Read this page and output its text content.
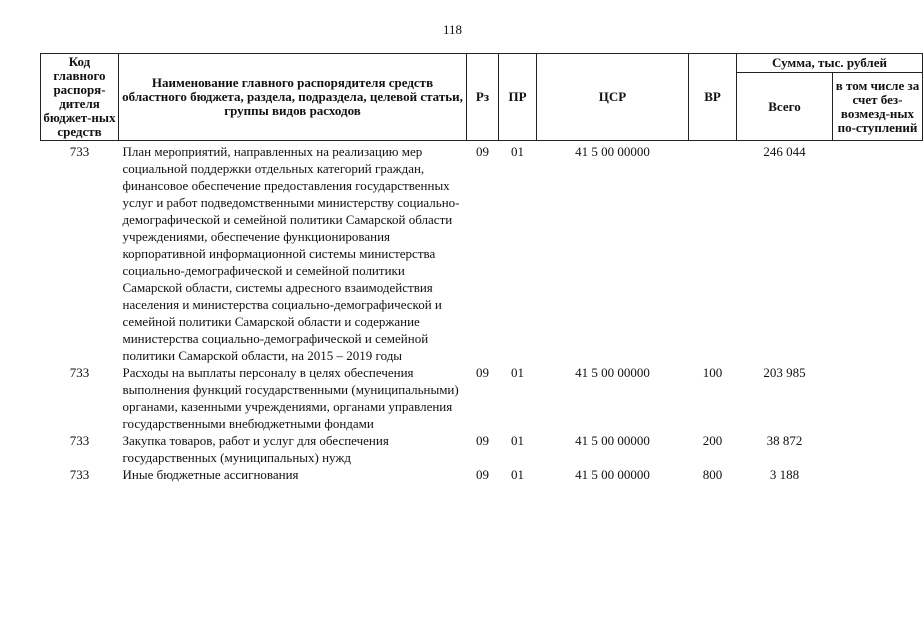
118
Код главного распоря-дителя бюджет-ных средств	Наименование главного распорядителя средств областного бюджета, раздела, подраздела, целевой статьи, группы видов расходов	Рз	ПР	ЦСР	ВР	Сумма, тыс. рублей	
						Всего	в том числе за счет без-возмезд-ных по-ступлений
733	План мероприятий, направленных на реализацию мер социальной поддержки отдельных категорий граждан, финансовое обеспечение предоставления государственных услуг и работ подведомственными министерству социально-демографической и семейной политики Самарской области учреждениями, обеспечение функционирования корпоративной информационной системы министерства социально-демографической и семейной политики Самарской области, системы адресного взаимодействия населения и министерства социально-демографической и семейной политики Самарской области и содержание министерства социально-демографической и семейной политики Самарской области, на 2015 – 2019 годы	09	01	41 5 00 00000		246 044	
733	Расходы на выплаты персоналу в целях обеспечения выполнения функций государственными (муниципальными) органами, казенными учреждениями, органами управления государственными внебюджетными фондами	09	01	41 5 00 00000	100	203 985	
733	Закупка товаров, работ и услуг для обеспечения государственных (муниципальных) нужд	09	01	41 5 00 00000	200	38 872	
733	Иные бюджетные ассигнования	09	01	41 5 00 00000	800	3 188	
